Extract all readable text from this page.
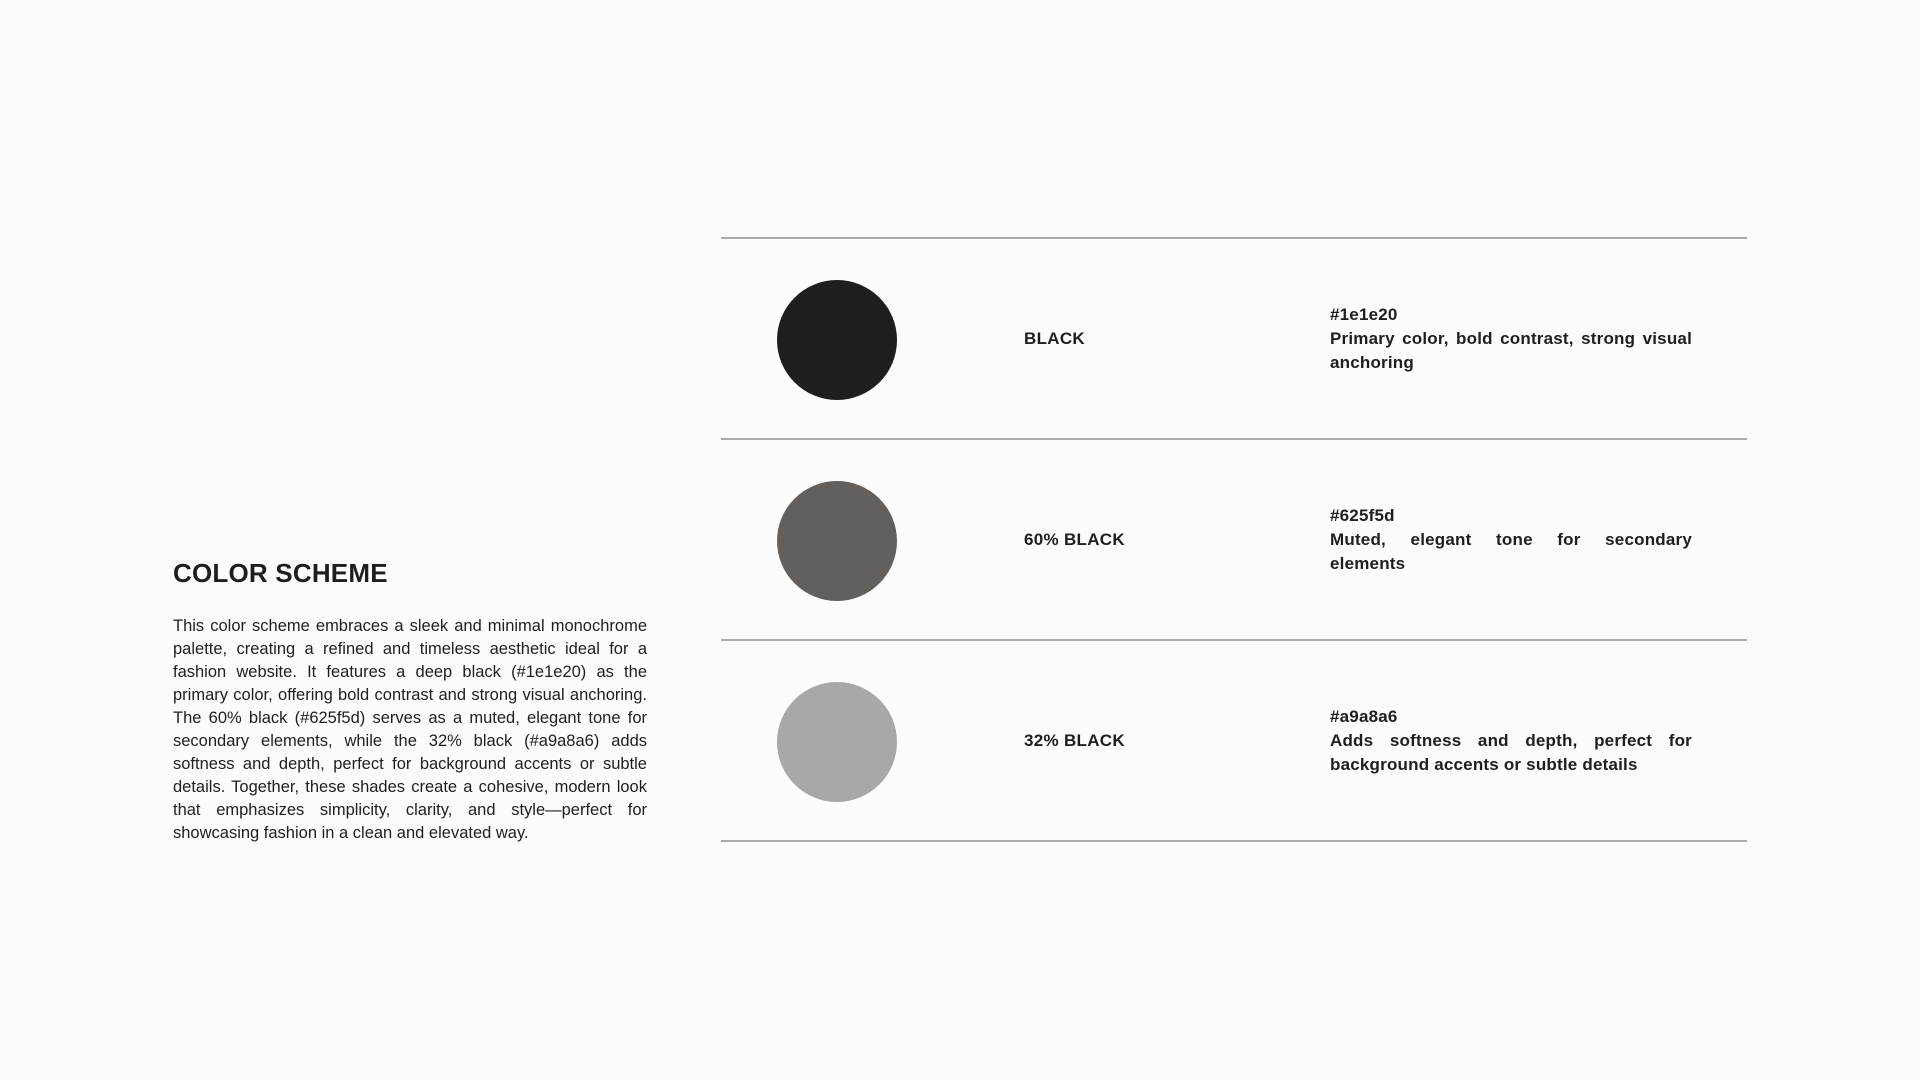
COLOR SCHEME

This color scheme embraces a sleek and minimal monochrome palette, creating a refined and timeless aesthetic ideal for a fashion website. It features a deep black (#1e1e20) as the primary color, offering bold contrast and strong visual anchoring. The 60% black (#625f5d) serves as a muted, elegant tone for secondary elements, while the 32% black (#a9a8a6) adds softness and depth, perfect for background accents or subtle details. Together, these shades create a cohesive, modern look that emphasizes simplicity, clarity, and style—perfect for showcasing fashion in a clean and elevated way.

BLACK
#1e1e20
Primary color, bold contrast, strong visual anchoring
60% BLACK
#625f5d
Muted, elegant tone for secondary elements
32% BLACK
#a9a8a6
Adds softness and depth, perfect for background accents or subtle details
